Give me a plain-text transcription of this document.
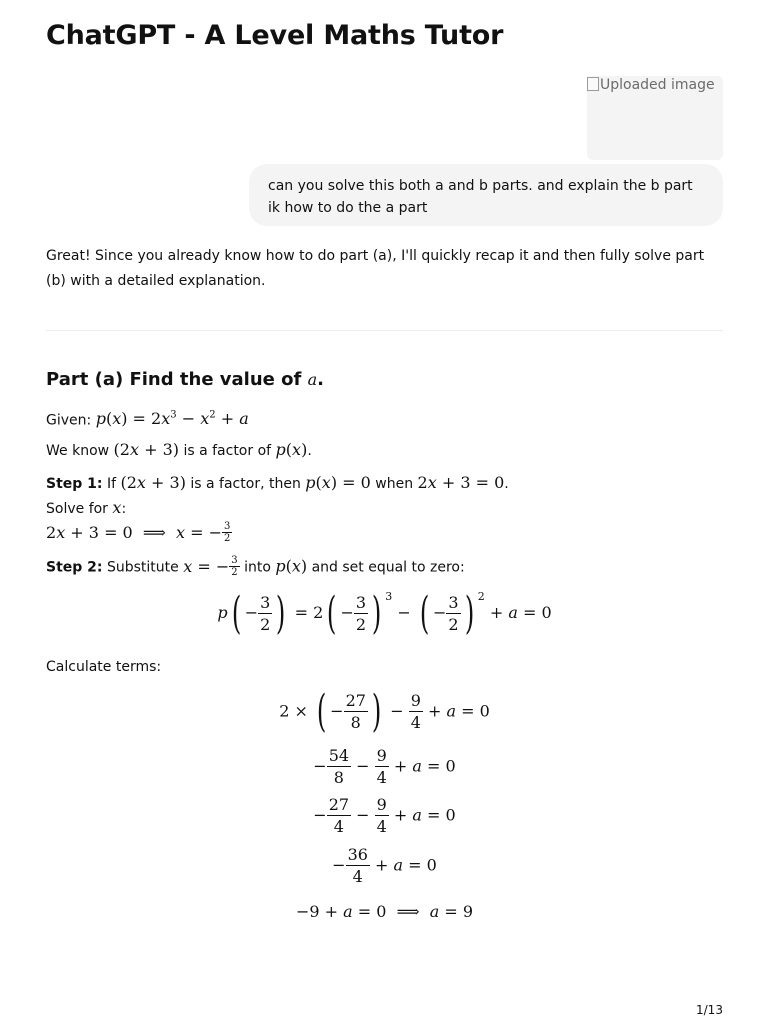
ChatGPT - A Level Maths Tutor
Uploaded image
can you solve this both a and b parts. and explain the b part ik how to do the a part
Great! Since you already know how to do part (a), I'll quickly recap it and then fully solve part (b) with a detailed explanation.
Part (a) Find the value of a.
Given: $p(x) = 2x^3 - x^2 + a$
We know (2x + 3) is a factor of p(x).
Step 1: If (2x + 3) is a factor, then p(x) = 0 when 2x + 3 = 0.
Solve for x:
2x + 3 = 0  ⟹  x = − $\frac{3}{2}$
Step 2: Substitute x = − $\frac{3}{2}$ into p(x) and set equal to zero:
$p( - \frac{3}{2}$ ) = $2( - \frac{3}{2}$ ) $^3$ − ( − $\frac{3}{2}$ ) $^2$ + a = 0
Calculate terms:
2 × ( − $\frac{27}{8}$ ) − $\frac{9}{4} + a = 0$
− $\frac{54}{8} - \frac{9}{4} + a = 0$
− $\frac{27}{4} - \frac{9}{4} + a = 0$
− $\frac{36}{4} + a = 0$
−9 + a = 0  ⟹  a = 9
1/13
